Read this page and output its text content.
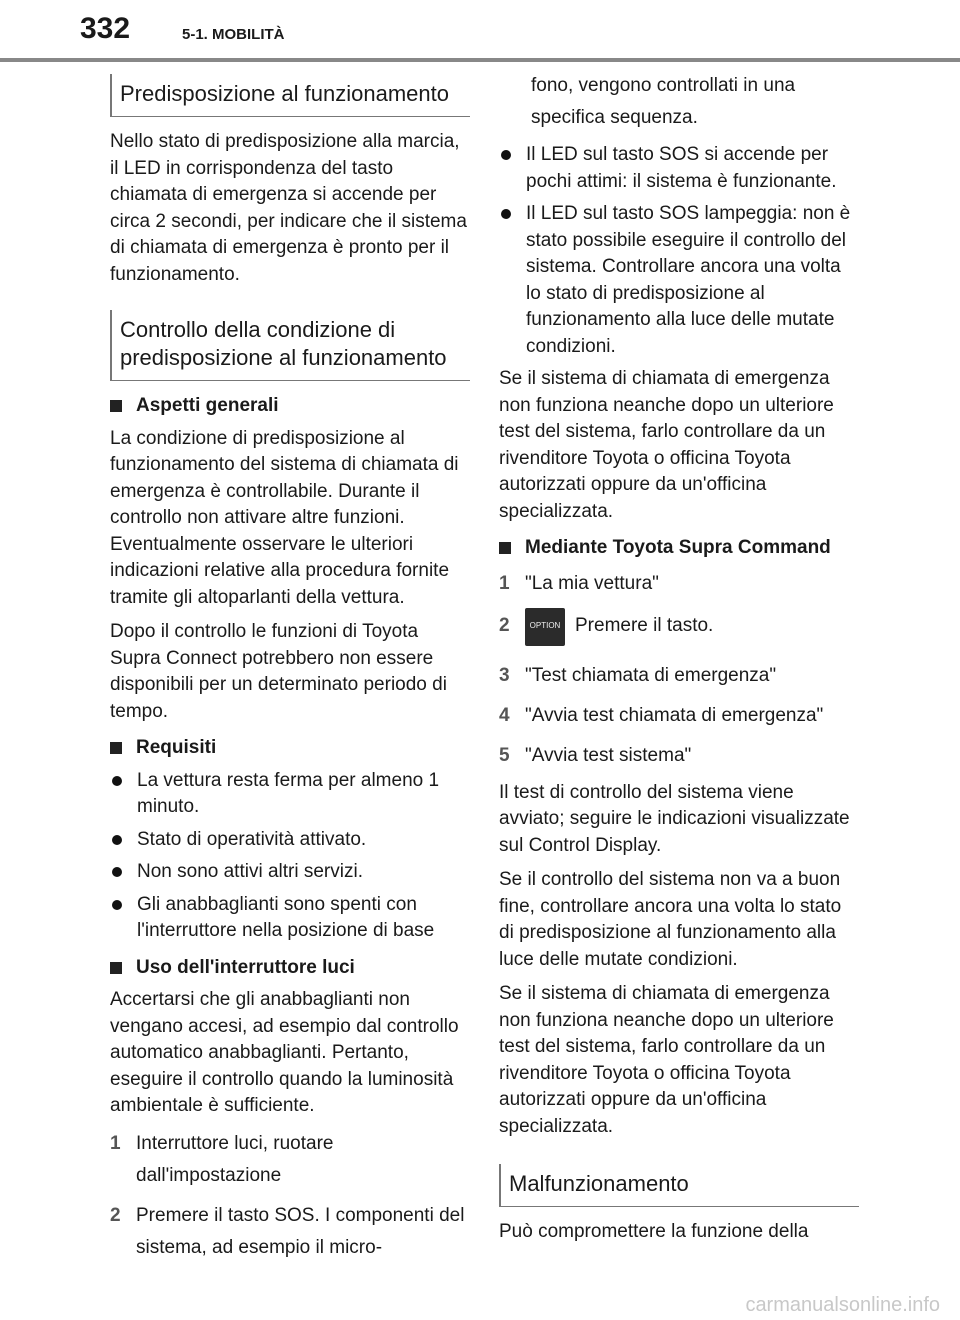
332	5-1. MOBILITÀ
Predisposizione al funzionamento

Nello stato di predisposizione alla marcia, il LED in corrispondenza del tasto chiamata di emergenza si accende per circa 2 secondi, per indicare che il sistema di chiamata di emergenza è pronto per il funzionamento.

Controllo della condizione di predisposizione al funzionamento
Aspetti generali

La condizione di predisposizione al funzionamento del sistema di chiamata di emergenza è controllabile. Durante il controllo non attivare altre funzioni. Eventualmente osservare le ulteriori indicazioni relative alla procedura fornite tramite gli altoparlanti della vettura.

Dopo il controllo le funzioni di Toyota Supra Connect potrebbero non essere disponibili per un determinato periodo di tempo.

Requisiti
La vettura resta ferma per almeno 1 minuto.
Stato di operatività attivato.
Non sono attivi altri servizi.
Gli anabbaglianti sono spenti con l'interruttore nella posizione di base
Uso dell'interruttore luci

Accertarsi che gli anabbaglianti non vengano accesi, ad esempio dal controllo automatico anabbaglianti. Pertanto, eseguire il controllo quando la luminosità ambientale è sufficiente.

1 Interruttore luci, ruotare dall'impostazione
2 Premere il tasto SOS. I componenti del sistema, ad esempio il micro-

fono, vengono controllati in una specifica sequenza.

Il LED sul tasto SOS si accende per pochi attimi: il sistema è funzionante.
Il LED sul tasto SOS lampeggia: non è stato possibile eseguire il controllo del sistema. Controllare ancora una volta lo stato di predisposizione al funzionamento alla luce delle mutate condizioni.

Se il sistema di chiamata di emergenza non funziona neanche dopo un ulteriore test del sistema, farlo controllare da un rivenditore Toyota o officina Toyota autorizzati oppure da un'officina specializzata.

Mediante Toyota Supra Command
1 "La mia vettura"
2	OPTION Premere il tasto.
3 "Test chiamata di emergenza"
4 "Avvia test chiamata di emergenza"
5 "Avvia test sistema"

Il test di controllo del sistema viene avviato; seguire le indicazioni visualizzate sul Control Display.

Se il controllo del sistema non va a buon fine, controllare ancora una volta lo stato di predisposizione al funzionamento alla luce delle mutate condizioni.

Se il sistema di chiamata di emergenza non funziona neanche dopo un ulteriore test del sistema, farlo controllare da un rivenditore Toyota o officina Toyota autorizzati oppure da un'officina specializzata.

Malfunzionamento

Può compromettere la funzione della

carmanualsonline.info
